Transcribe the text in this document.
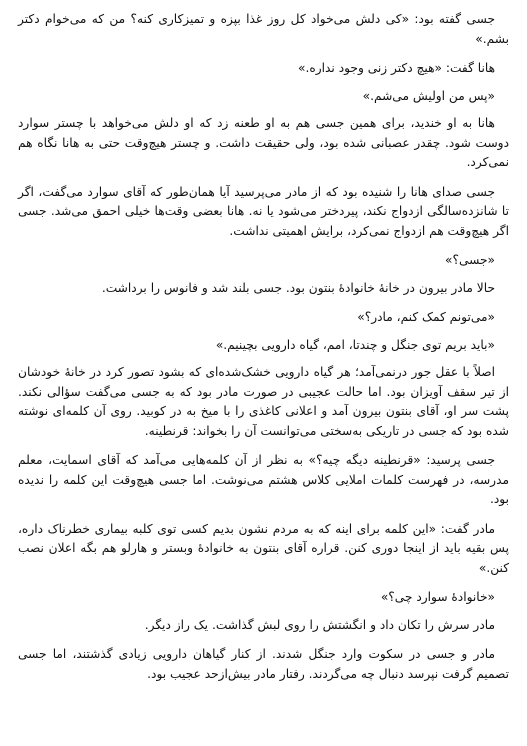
جسی گفته بود: «کی دلش می‌خواد کل روز غذا بپزه و تمیزکاری کنه؟ من که می‌خوام دکتر بشم.»

هانا گفت: «هیچ دکتر زنی وجود نداره.»

«پس من اولیش می‌شم.»

هانا به او خندید، برای همین جسی هم به او طعنه زد که او دلش می‌خواهد با چستر سوارد دوست شود. چقدر عصبانی شده بود، ولی حقیقت داشت. و چستر هیچ‌وقت حتی به هانا نگاه هم نمی‌کرد.

جسی صدای هانا را شنیده بود که از مادر می‌پرسید آیا همان‌طور که آقای سوارد می‌گفت، اگر تا شانزده‌سالگی ازدواج نکند، پیردختر می‌شود یا نه. هانا بعضی وقت‌ها خیلی احمق می‌شد. جسی اگر هیچ‌وقت هم ازدواج نمی‌کرد، برایش اهمیتی نداشت.

«جسی؟»

حالا مادر بیرون در خانهٔ خانوادهٔ بنتون بود. جسی بلند شد و فانوس را برداشت.

«می‌تونم کمک کنم، مادر؟»

«باید بریم توی جنگل و چندتا، امم، گیاه دارویی بچینیم.»

اصلاً با عقل جور درنمی‌آمد؛ هر گیاه دارویی خشک‌شده‌ای که بشود تصور کرد در خانهٔ خودشان از تیر سقف آویزان بود. اما حالت عجیبی در صورت مادر بود که به جسی می‌گفت سؤالی نکند. پشت سر او، آقای بنتون بیرون آمد و اعلانی کاغذی را با میخ به در کوبید. روی آن کلمه‌ای نوشته شده بود که جسی در تاریکی به‌سختی می‌توانست آن را بخواند: قرنطینه.

جسی پرسید: «قرنطینه دیگه چیه؟» به نظر از آن کلمه‌هایی می‌آمد که آقای اسمایت، معلم مدرسه، در فهرست کلمات املایی کلاس هشتم می‌نوشت. اما جسی هیچ‌وقت این کلمه را ندیده بود.

مادر گفت: «این کلمه برای اینه که به مردم نشون بدیم کسی توی کلبه بیماری خطرناک داره، پس بقیه باید از اینجا دوری کنن. قراره آقای بنتون به خانوادهٔ وبستر و هارلو هم بگه اعلان نصب کنن.»

«خانوادهٔ سوارد چی؟»

مادر سرش را تکان داد و انگشتش را روی لبش گذاشت. یک راز دیگر.

مادر و جسی در سکوت وارد جنگل شدند. از کنار گیاهان دارویی زیادی گذشتند، اما جسی تصمیم گرفت نپرسد دنبال چه می‌گردند. رفتار مادر بیش‌ازحد عجیب بود.
